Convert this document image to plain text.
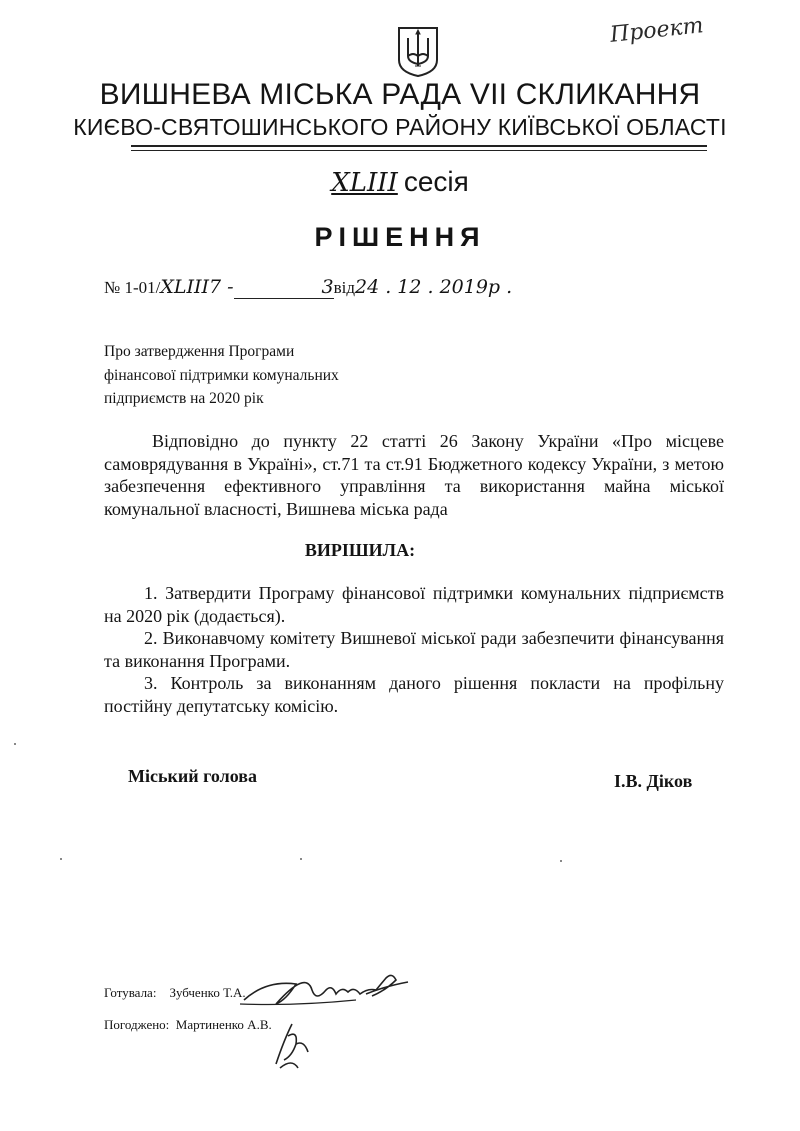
Проект
ВИШНЕВА МІСЬКА РАДА VII СКЛИКАННЯ
КИЄВО-СВЯТОШИНСЬКОГО РАЙОНУ КИЇВСЬКОЇ ОБЛАСТІ
XLIII сесія
РІШЕННЯ
№ 1-01/XLIII7 -	3від24 . 12 . 2019р .
Про затвердження Програми
фінансової підтримки комунальних
підприємств на 2020 рік
Відповідно до пункту 22 статті 26 Закону України «Про місцеве самоврядування в Україні», ст.71 та ст.91 Бюджетного кодексу України, з метою забезпечення ефективного управління та використання майна міської комунальної власності, Вишнева міська рада
ВИРІШИЛА:
1. Затвердити Програму фінансової підтримки комунальних підприємств на 2020 рік (додається).
2. Виконавчому комітету Вишневої міської ради забезпечити фінансування та виконання Програми.
3. Контроль за виконанням даного рішення покласти на профільну постійну депутатську комісію.
Міський голова	І.В. Діков
Готувала: Зубченко Т.А.
Погоджено: Мартиненко А.В.
